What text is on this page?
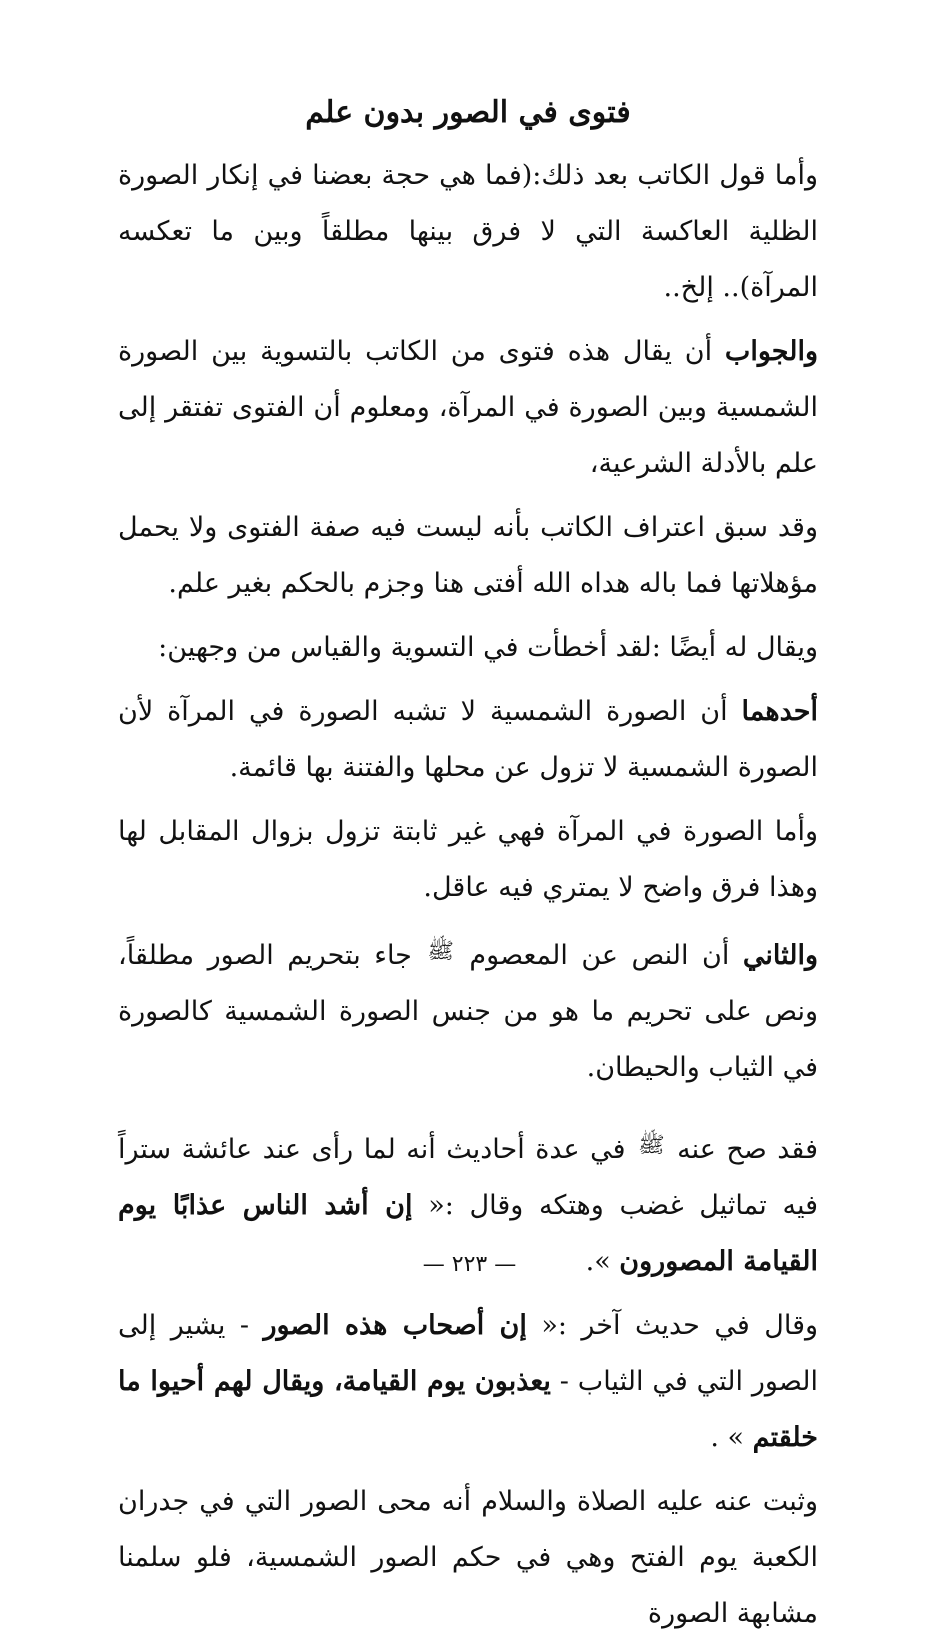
فتوى في الصور بدون علم

وأما قول الكاتب بعد ذلك:(فما هي حجة بعضنا في إنكار الصورة الظلية العاكسة التي لا فرق بينها مطلقاً وبين ما تعكسه المرآة).. إلخ..

والجواب أن يقال هذه فتوى من الكاتب بالتسوية بين الصورة الشمسية وبين الصورة في المرآة، ومعلوم أن الفتوى تفتقر إلى علم بالأدلة الشرعية،

وقد سبق اعتراف الكاتب بأنه ليست فيه صفة الفتوى ولا يحمل مؤهلاتها فما باله هداه الله أفتى هنا وجزم بالحكم بغير علم.

ويقال له أيضًا :لقد أخطأت في التسوية والقياس من وجهين:

أحدهما أن الصورة الشمسية لا تشبه الصورة في المرآة لأن الصورة الشمسية لا تزول عن محلها والفتنة بها قائمة.

وأما الصورة في المرآة فهي غير ثابتة تزول بزوال المقابل لها وهذا فرق واضح لا يمتري فيه عاقل.

والثاني أن النص عن المعصوم ﷺ جاء بتحريم الصور مطلقاً، ونص على تحريم ما هو من جنس الصورة الشمسية كالصورة في الثياب والحيطان.

فقد صح عنه ﷺ في عدة أحاديث أنه لما رأى عند عائشة ستراً فيه تماثيل غضب وهتكه وقال :« إن أشد الناس عذابًا يوم القيامة المصورون ».

وقال في حديث آخر :« إن أصحاب هذه الصور - يشير إلى الصور التي في الثياب - يعذبون يوم القيامة، ويقال لهم أحيوا ما خلقتم » .

وثبت عنه عليه الصلاة والسلام أنه محى الصور التي في جدران الكعبة يوم الفتح وهي في حكم الصور الشمسية، فلو سلمنا مشابهة الصورة

— ٢٢٣ —
